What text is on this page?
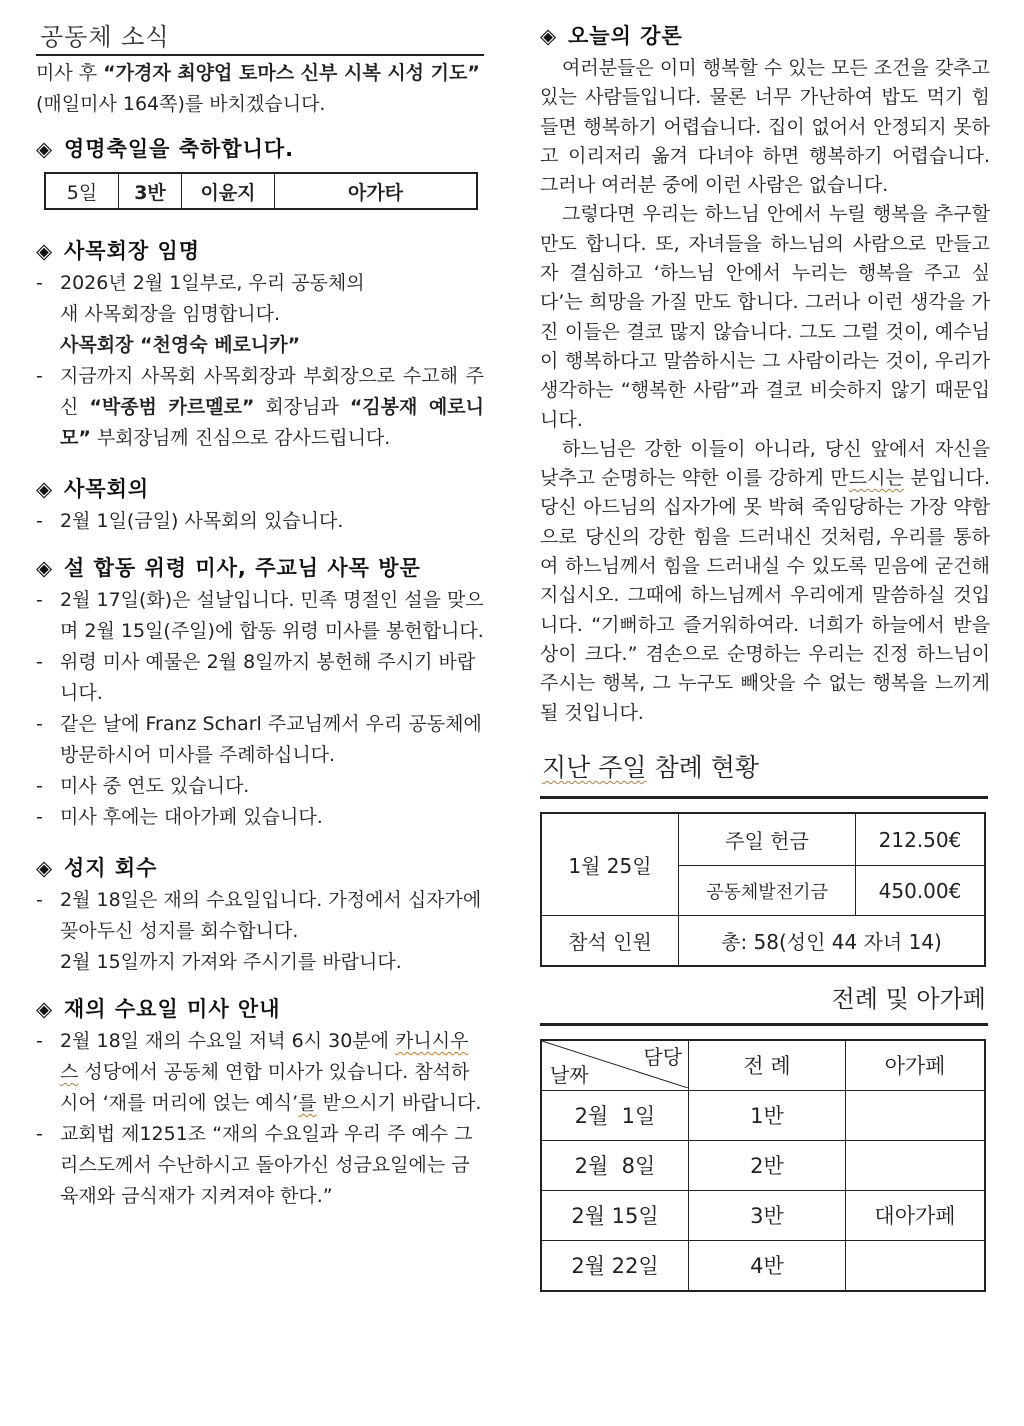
공동체 소식

미사 후 “가경자 최양업 토마스 신부 시복 시성 기도” (매일미사 164쪽)를 바치겠습니다.

◈ 영명축일을 축하합니다.

5일	3반	이윤지	아가타

◈ 사목회장 임명

- 2026년 2월 1일부로, 우리 공동체의
새 사목회장을 임명합니다.
사목회장 “천영숙 베로니카”
- 지금까지 사목회 사목회장과 부회장으로 수고해 주신 “박종범 카르멜로” 회장님과 “김봉재 예로니모” 부회장님께 진심으로 감사드립니다.

◈ 사목회의

- 2월 1일(금일) 사목회의 있습니다.

◈ 설 합동 위령 미사, 주교님 사목 방문

- 2월 17일(화)은 설날입니다. 민족 명절인 설을 맞으며 2월 15일(주일)에 합동 위령 미사를 봉헌합니다.
- 위령 미사 예물은 2월 8일까지 봉헌해 주시기 바랍니다.
- 같은 날에 Franz Scharl 주교님께서 우리 공동체에 방문하시어 미사를 주례하십니다.
- 미사 중 연도 있습니다.
- 미사 후에는 대아가페 있습니다.

◈ 성지 회수

- 2월 18일은 재의 수요일입니다. 가정에서 십자가에 꽂아두신 성지를 회수합니다.

2월 15일까지 가져와 주시기를 바랍니다.

◈ 재의 수요일 미사 안내

- 2월 18일 재의 수요일 저녁 6시 30분에 카니시우스 성당에서 공동체 연합 미사가 있습니다. 참석하시어 ‘재를 머리에 얹는 예식’를 받으시기 바랍니다.
- 교회법 제1251조 “재의 수요일과 우리 주 예수 그리스도께서 수난하시고 돌아가신 성금요일에는 금육재와 금식재가 지켜져야 한다.”

◈ 오늘의 강론

여러분들은 이미 행복할 수 있는 모든 조건을 갖추고 있는 사람들입니다. 물론 너무 가난하여 밥도 먹기 힘들면 행복하기 어렵습니다. 집이 없어서 안정되지 못하고 이리저리 옮겨 다녀야 하면 행복하기 어렵습니다. 그러나 여러분 중에 이런 사람은 없습니다.

그렇다면 우리는 하느님 안에서 누릴 행복을 추구할 만도 합니다. 또, 자녀들을 하느님의 사람으로 만들고자 결심하고 ‘하느님 안에서 누리는 행복을 주고 싶다’는 희망을 가질 만도 합니다. 그러나 이런 생각을 가진 이들은 결코 많지 않습니다. 그도 그럴 것이, 예수님이 행복하다고 말씀하시는 그 사람이라는 것이, 우리가 생각하는 “행복한 사람”과 결코 비슷하지 않기 때문입니다.

하느님은 강한 이들이 아니라, 당신 앞에서 자신을 낮추고 순명하는 약한 이를 강하게 만드시는 분입니다. 당신 아드님의 십자가에 못 박혀 죽임당하는 가장 약함으로 당신의 강한 힘을 드러내신 것처럼, 우리를 통하여 하느님께서 힘을 드러내실 수 있도록 믿음에 굳건해 지십시오. 그때에 하느님께서 우리에게 말씀하실 것입니다. “기뻐하고 즐거워하여라. 너희가 하늘에서 받을 상이 크다.” 겸손으로 순명하는 우리는 진정 하느님이 주시는 행복, 그 누구도 빼앗을 수 없는 행복을 느끼게 될 것입니다.

지난 주일 참례 현황
1월 25일	주일 헌금	212.50€
	공동체발전기금	450.00€
참석 인원	총: 58(성인 44 자녀 14)	
전례 및 아가페
담당
날짜	전 례	아가페
2월  1일	1반	
2월  8일	2반	
2월 15일	3반	대아가페
2월 22일	4반	
